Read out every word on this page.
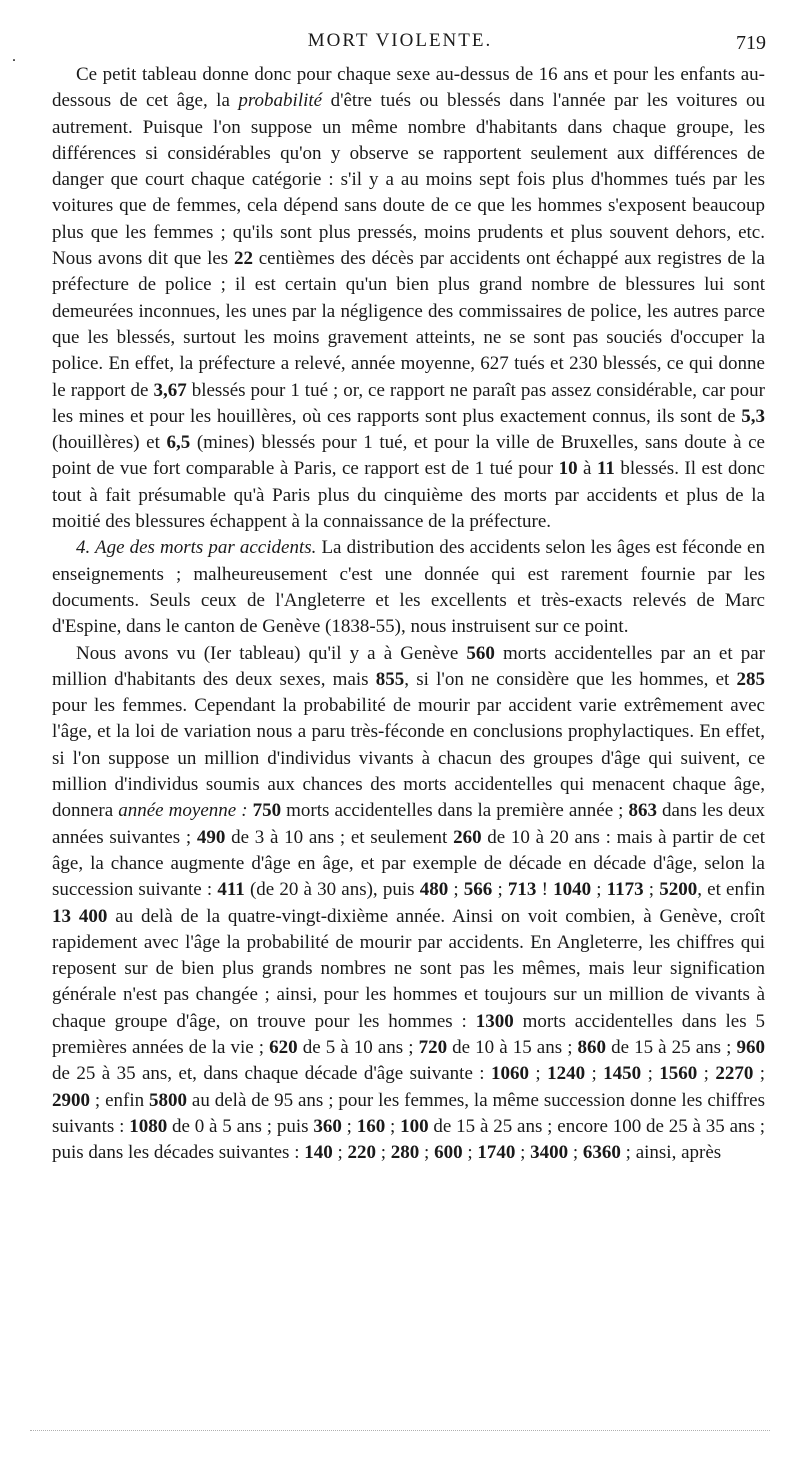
MORT VIOLENTE.	719
.

Ce petit tableau donne donc pour chaque sexe au-dessus de 16 ans et pour les enfants au-dessous de cet âge, la probabilité d'être tués ou blessés dans l'année par les voitures ou autrement. Puisque l'on suppose un même nombre d'habitants dans chaque groupe, les différences si considérables qu'on y observe se rapportent seulement aux différences de danger que court chaque catégorie : s'il y a au moins sept fois plus d'hommes tués par les voitures que de femmes, cela dépend sans doute de ce que les hommes s'exposent beaucoup plus que les femmes ; qu'ils sont plus pressés, moins prudents et plus souvent dehors, etc. Nous avons dit que les 22 centièmes des décès par accidents ont échappé aux registres de la préfecture de police ; il est certain qu'un bien plus grand nombre de blessures lui sont demeurées inconnues, les unes par la négligence des commissaires de police, les autres parce que les blessés, surtout les moins gravement atteints, ne se sont pas souciés d'occuper la police. En effet, la préfecture a relevé, année moyenne, 627 tués et 230 blessés, ce qui donne le rapport de 3,67 blessés pour 1 tué ; or, ce rapport ne paraît pas assez considérable, car pour les mines et pour les houillères, où ces rapports sont plus exactement connus, ils sont de 5,3 (houillères) et 6,5 (mines) blessés pour 1 tué, et pour la ville de Bruxelles, sans doute à ce point de vue fort comparable à Paris, ce rapport est de 1 tué pour 10 à 11 blessés. Il est donc tout à fait présumable qu'à Paris plus du cinquième des morts par accidents et plus de la moitié des blessures échappent à la connaissance de la préfecture.

4. Age des morts par accidents. La distribution des accidents selon les âges est féconde en enseignements ; malheureusement c'est une donnée qui est rarement fournie par les documents. Seuls ceux de l'Angleterre et les excellents et très-exacts relevés de Marc d'Espine, dans le canton de Genève (1838-55), nous instruisent sur ce point.

Nous avons vu (Ier tableau) qu'il y a à Genève 560 morts accidentelles par an et par million d'habitants des deux sexes, mais 855, si l'on ne considère que les hommes, et 285 pour les femmes. Cependant la probabilité de mourir par accident varie extrêmement avec l'âge, et la loi de variation nous a paru très-féconde en conclusions prophylactiques. En effet, si l'on suppose un million d'individus vivants à chacun des groupes d'âge qui suivent, ce million d'individus soumis aux chances des morts accidentelles qui menacent chaque âge, donnera année moyenne : 750 morts accidentelles dans la première année ; 863 dans les deux années suivantes ; 490 de 3 à 10 ans ; et seulement 260 de 10 à 20 ans : mais à partir de cet âge, la chance augmente d'âge en âge, et par exemple de décade en décade d'âge, selon la succession suivante : 411 (de 20 à 30 ans), puis 480 ; 566 ; 713 ! 1040 ; 1173 ; 5200, et enfin 13 400 au delà de la quatre-vingt-dixième année. Ainsi on voit combien, à Genève, croît rapidement avec l'âge la probabilité de mourir par accidents. En Angleterre, les chiffres qui reposent sur de bien plus grands nombres ne sont pas les mêmes, mais leur signification générale n'est pas changée ; ainsi, pour les hommes et toujours sur un million de vivants à chaque groupe d'âge, on trouve pour les hommes : 1300 morts accidentelles dans les 5 premières années de la vie ; 620 de 5 à 10 ans ; 720 de 10 à 15 ans ; 860 de 15 à 25 ans ; 960 de 25 à 35 ans, et, dans chaque décade d'âge suivante : 1060 ; 1240 ; 1450 ; 1560 ; 2270 ; 2900 ; enfin 5800 au delà de 95 ans ; pour les femmes, la même succession donne les chiffres suivants : 1080 de 0 à 5 ans ; puis 360 ; 160 ; 100 de 15 à 25 ans ; encore 100 de 25 à 35 ans ; puis dans les décades suivantes : 140 ; 220 ; 280 ; 600 ; 1740 ; 3400 ; 6360 ; ainsi, après
